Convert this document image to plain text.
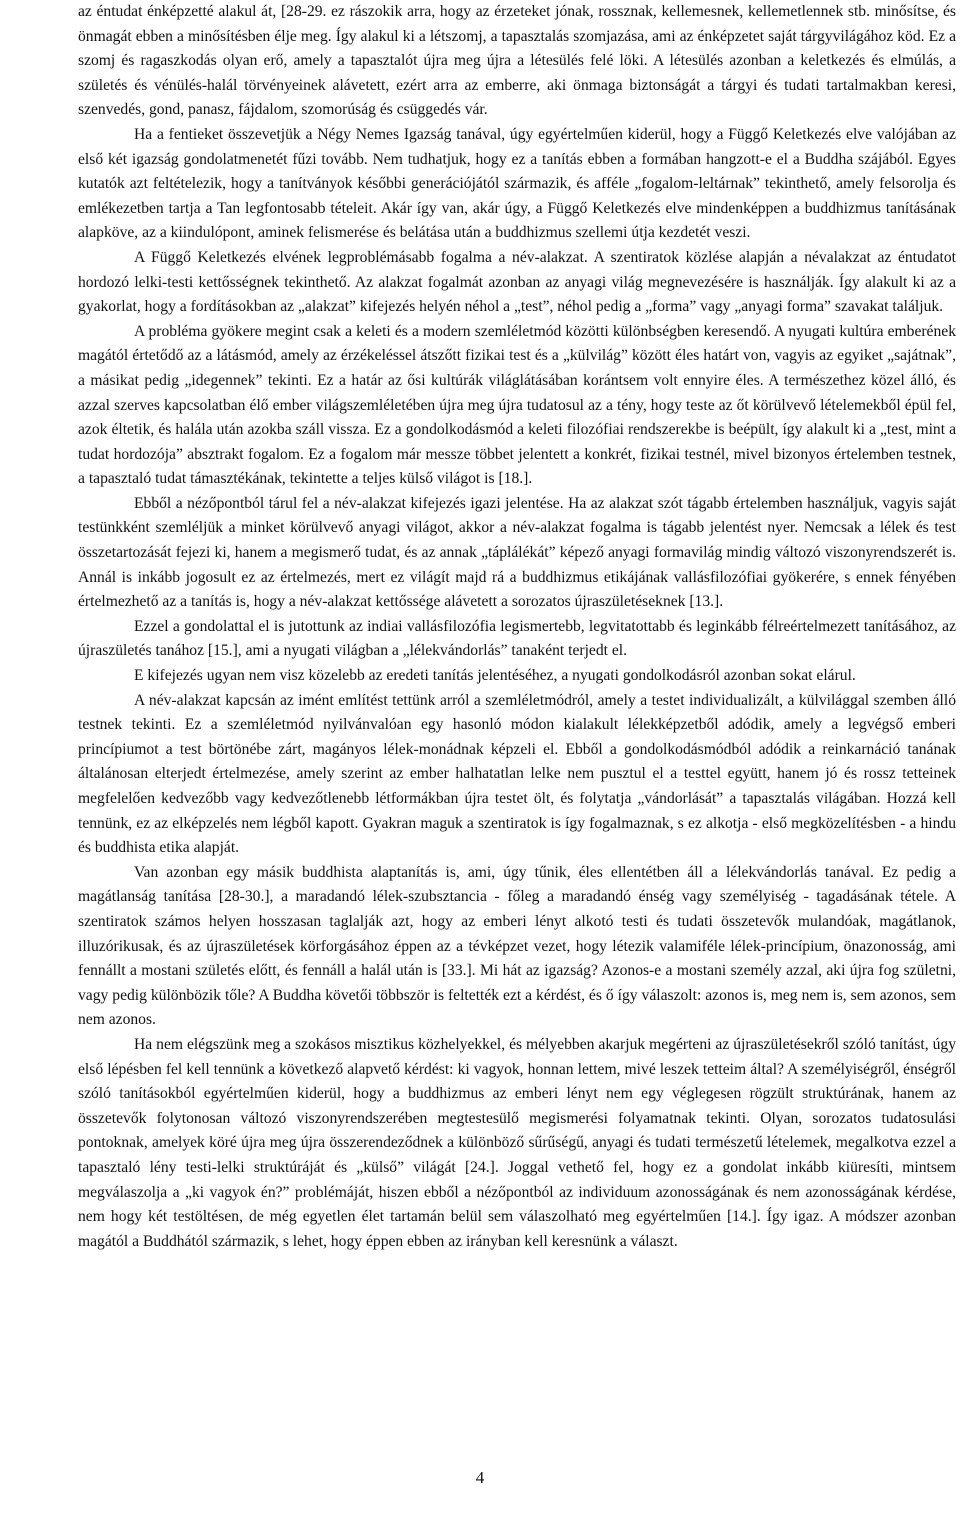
az éntudat énképzetté alakul át, [28-29. ez rászokik arra, hogy az érzeteket jónak, rossznak, kellemesnek, kellemetlennek stb. minősítse, és önmagát ebben a minősítésben élje meg. Így alakul ki a létszomj, a tapasztalás szomjazása, ami az énképzetet saját tárgyvilágához köd. Ez a szomj és ragaszkodás olyan erő, amely a tapasztalót újra meg újra a létesülés felé löki. A létesülés azonban a keletkezés és elmúlás, a születés és vénülés-halál törvényeinek alávetett, ezért arra az emberre, aki önmaga biztonságát a tárgyi és tudati tartalmakban keresi, szenvedés, gond, panasz, fájdalom, szomorúság és csüggedés vár.

Ha a fentieket összevetjük a Négy Nemes Igazság tanával, úgy egyértelműen kiderül, hogy a Függő Keletkezés elve valójában az első két igazság gondolatmenetét fűzi tovább. Nem tudhatjuk, hogy ez a tanítás ebben a formában hangzott-e el a Buddha szájából. Egyes kutatók azt feltételezik, hogy a tanítványok későbbi generációjától származik, és afféle „fogalom-leltárnak” tekinthető, amely felsorolja és emlékezetben tartja a Tan legfontosabb tételeit. Akár így van, akár úgy, a Függő Keletkezés elve mindenképpen a buddhizmus tanításának alapköve, az a kiindulópont, aminek felismerése és belátása után a buddhizmus szellemi útja kezdetét veszi.

A Függő Keletkezés elvének legproblémásabb fogalma a név-alakzat. A szentiratok közlése alapján a névalakzat az éntudatot hordozó lelki-testi kettősségnek tekinthető. Az alakzat fogalmát azonban az anyagi világ megnevezésére is használják. Így alakult ki az a gyakorlat, hogy a fordításokban az „alakzat” kifejezés helyén néhol a „test”, néhol pedig a „forma” vagy „anyagi forma” szavakat találjuk.

A probléma gyökere megint csak a keleti és a modern szemléletmód közötti különbségben keresendő. A nyugati kultúra emberének magától értetődő az a látásmód, amely az érzékeléssel átszőtt fizikai test és a „külvilág” között éles határt von, vagyis az egyiket „sajátnak”, a másikat pedig „idegennek” tekinti. Ez a határ az ősi kultúrák világlátásában korántsem volt ennyire éles. A természethez közel álló, és azzal szerves kapcsolatban élő ember világszemléletében újra meg újra tudatosul az a tény, hogy teste az őt körülvevő lételemekből épül fel, azok éltetik, és halála után azokba száll vissza. Ez a gondolkodásmód a keleti filozófiai rendszerekbe is beépült, így alakult ki a „test, mint a tudat hordozója” absztrakt fogalom. Ez a fogalom már messze többet jelentett a konkrét, fizikai testnél, mivel bizonyos értelemben testnek, a tapasztaló tudat támasztékának, tekintette a teljes külső világot is [18.].

Ebből a nézőpontból tárul fel a név-alakzat kifejezés igazi jelentése. Ha az alakzat szót tágabb értelemben használjuk, vagyis saját testünkként szemléljük a minket körülvevő anyagi világot, akkor a név-alakzat fogalma is tágabb jelentést nyer. Nemcsak a lélek és test összetartozását fejezi ki, hanem a megismerő tudat, és az annak „táplálékát” képező anyagi formavilág mindig változó viszonyrendszerét is. Annál is inkább jogosult ez az értelmezés, mert ez világít majd rá a buddhizmus etikájának vallásfilozófiai gyökerére, s ennek fényében értelmezhető az a tanítás is, hogy a név-alakzat kettőssége alávetett a sorozatos újraszületéseknek [13.].

Ezzel a gondolattal el is jutottunk az indiai vallásfilozófia legismertebb, legvitatottabb és leginkább félreértelmezett tanításához, az újraszületés tanához [15.], ami a nyugati világban a „lélekvándorlás” tanaként terjedt el.

E kifejezés ugyan nem visz közelebb az eredeti tanítás jelentéséhez, a nyugati gondolkodásról azonban sokat elárul.

A név-alakzat kapcsán az imént említést tettünk arról a szemléletmódról, amely a testet individualizált, a külvilággal szemben álló testnek tekinti. Ez a szemléletmód nyilvánvalóan egy hasonló módon kialakult lélekképzetből adódik, amely a legvégső emberi princípiumot a test börtönébe zárt, magányos lélek-monádnak képzeli el. Ebből a gondolkodásmódból adódik a reinkarnáció tanának általánosan elterjedt értelmezése, amely szerint az ember halhatatlan lelke nem pusztul el a testtel együtt, hanem jó és rossz tetteinek megfelelően kedvezőbb vagy kedvezőtlenebb létformákban újra testet ölt, és folytatja „vándorlását” a tapasztalás világában. Hozzá kell tennünk, ez az elképzelés nem légből kapott. Gyakran maguk a szentiratok is így fogalmaznak, s ez alkotja - első megközelítésben - a hindu és buddhista etika alapját.

Van azonban egy másik buddhista alaptanítás is, ami, úgy tűnik, éles ellentétben áll a lélekvándorlás tanával. Ez pedig a magátlanság tanítása [28-30.], a maradandó lélek-szubsztancia - főleg a maradandó énség vagy személyiség - tagadásának tétele. A szentiratok számos helyen hosszasan taglalják azt, hogy az emberi lényt alkotó testi és tudati összetevők mulandóak, magátlanok, illuzórikusak, és az újraszületések körforgásához éppen az a tévképzet vezet, hogy létezik valamiféle lélek-princípium, önazonosság, ami fennállt a mostani születés előtt, és fennáll a halál után is [33.]. Mi hát az igazság? Azonos-e a mostani személy azzal, aki újra fog születni, vagy pedig különbözik tőle? A Buddha követői többször is feltették ezt a kérdést, és ő így válaszolt: azonos is, meg nem is, sem azonos, sem nem azonos.

Ha nem elégszünk meg a szokásos misztikus közhelyekkel, és mélyebben akarjuk megérteni az újraszületésekről szóló tanítást, úgy első lépésben fel kell tennünk a következő alapvető kérdést: ki vagyok, honnan lettem, mivé leszek tetteim által? A személyiségről, énségről szóló tanításokból egyértelműen kiderül, hogy a buddhizmus az emberi lényt nem egy véglegesen rögzült struktúrának, hanem az összetevők folytonosan változó viszonyrendszerében megtestesülő megismerési folyamatnak tekinti. Olyan, sorozatos tudatosulási pontoknak, amelyek köré újra meg újra összerendeződnek a különböző sűrűségű, anyagi és tudati természetű lételemek, megalkotva ezzel a tapasztaló lény testi-lelki struktúráját és „külső” világát [24.]. Joggal vethető fel, hogy ez a gondolat inkább kiüresíti, mintsem megválaszolja a „ki vagyok én?” problémáját, hiszen ebből a nézőpontból az individuum azonosságának és nem azonosságának kérdése, nem hogy két testöltésen, de még egyetlen élet tartamán belül sem válaszolható meg egyértelműen [14.]. Így igaz. A módszer azonban magától a Buddhától származik, s lehet, hogy éppen ebben az irányban kell keresnünk a választ.

4
